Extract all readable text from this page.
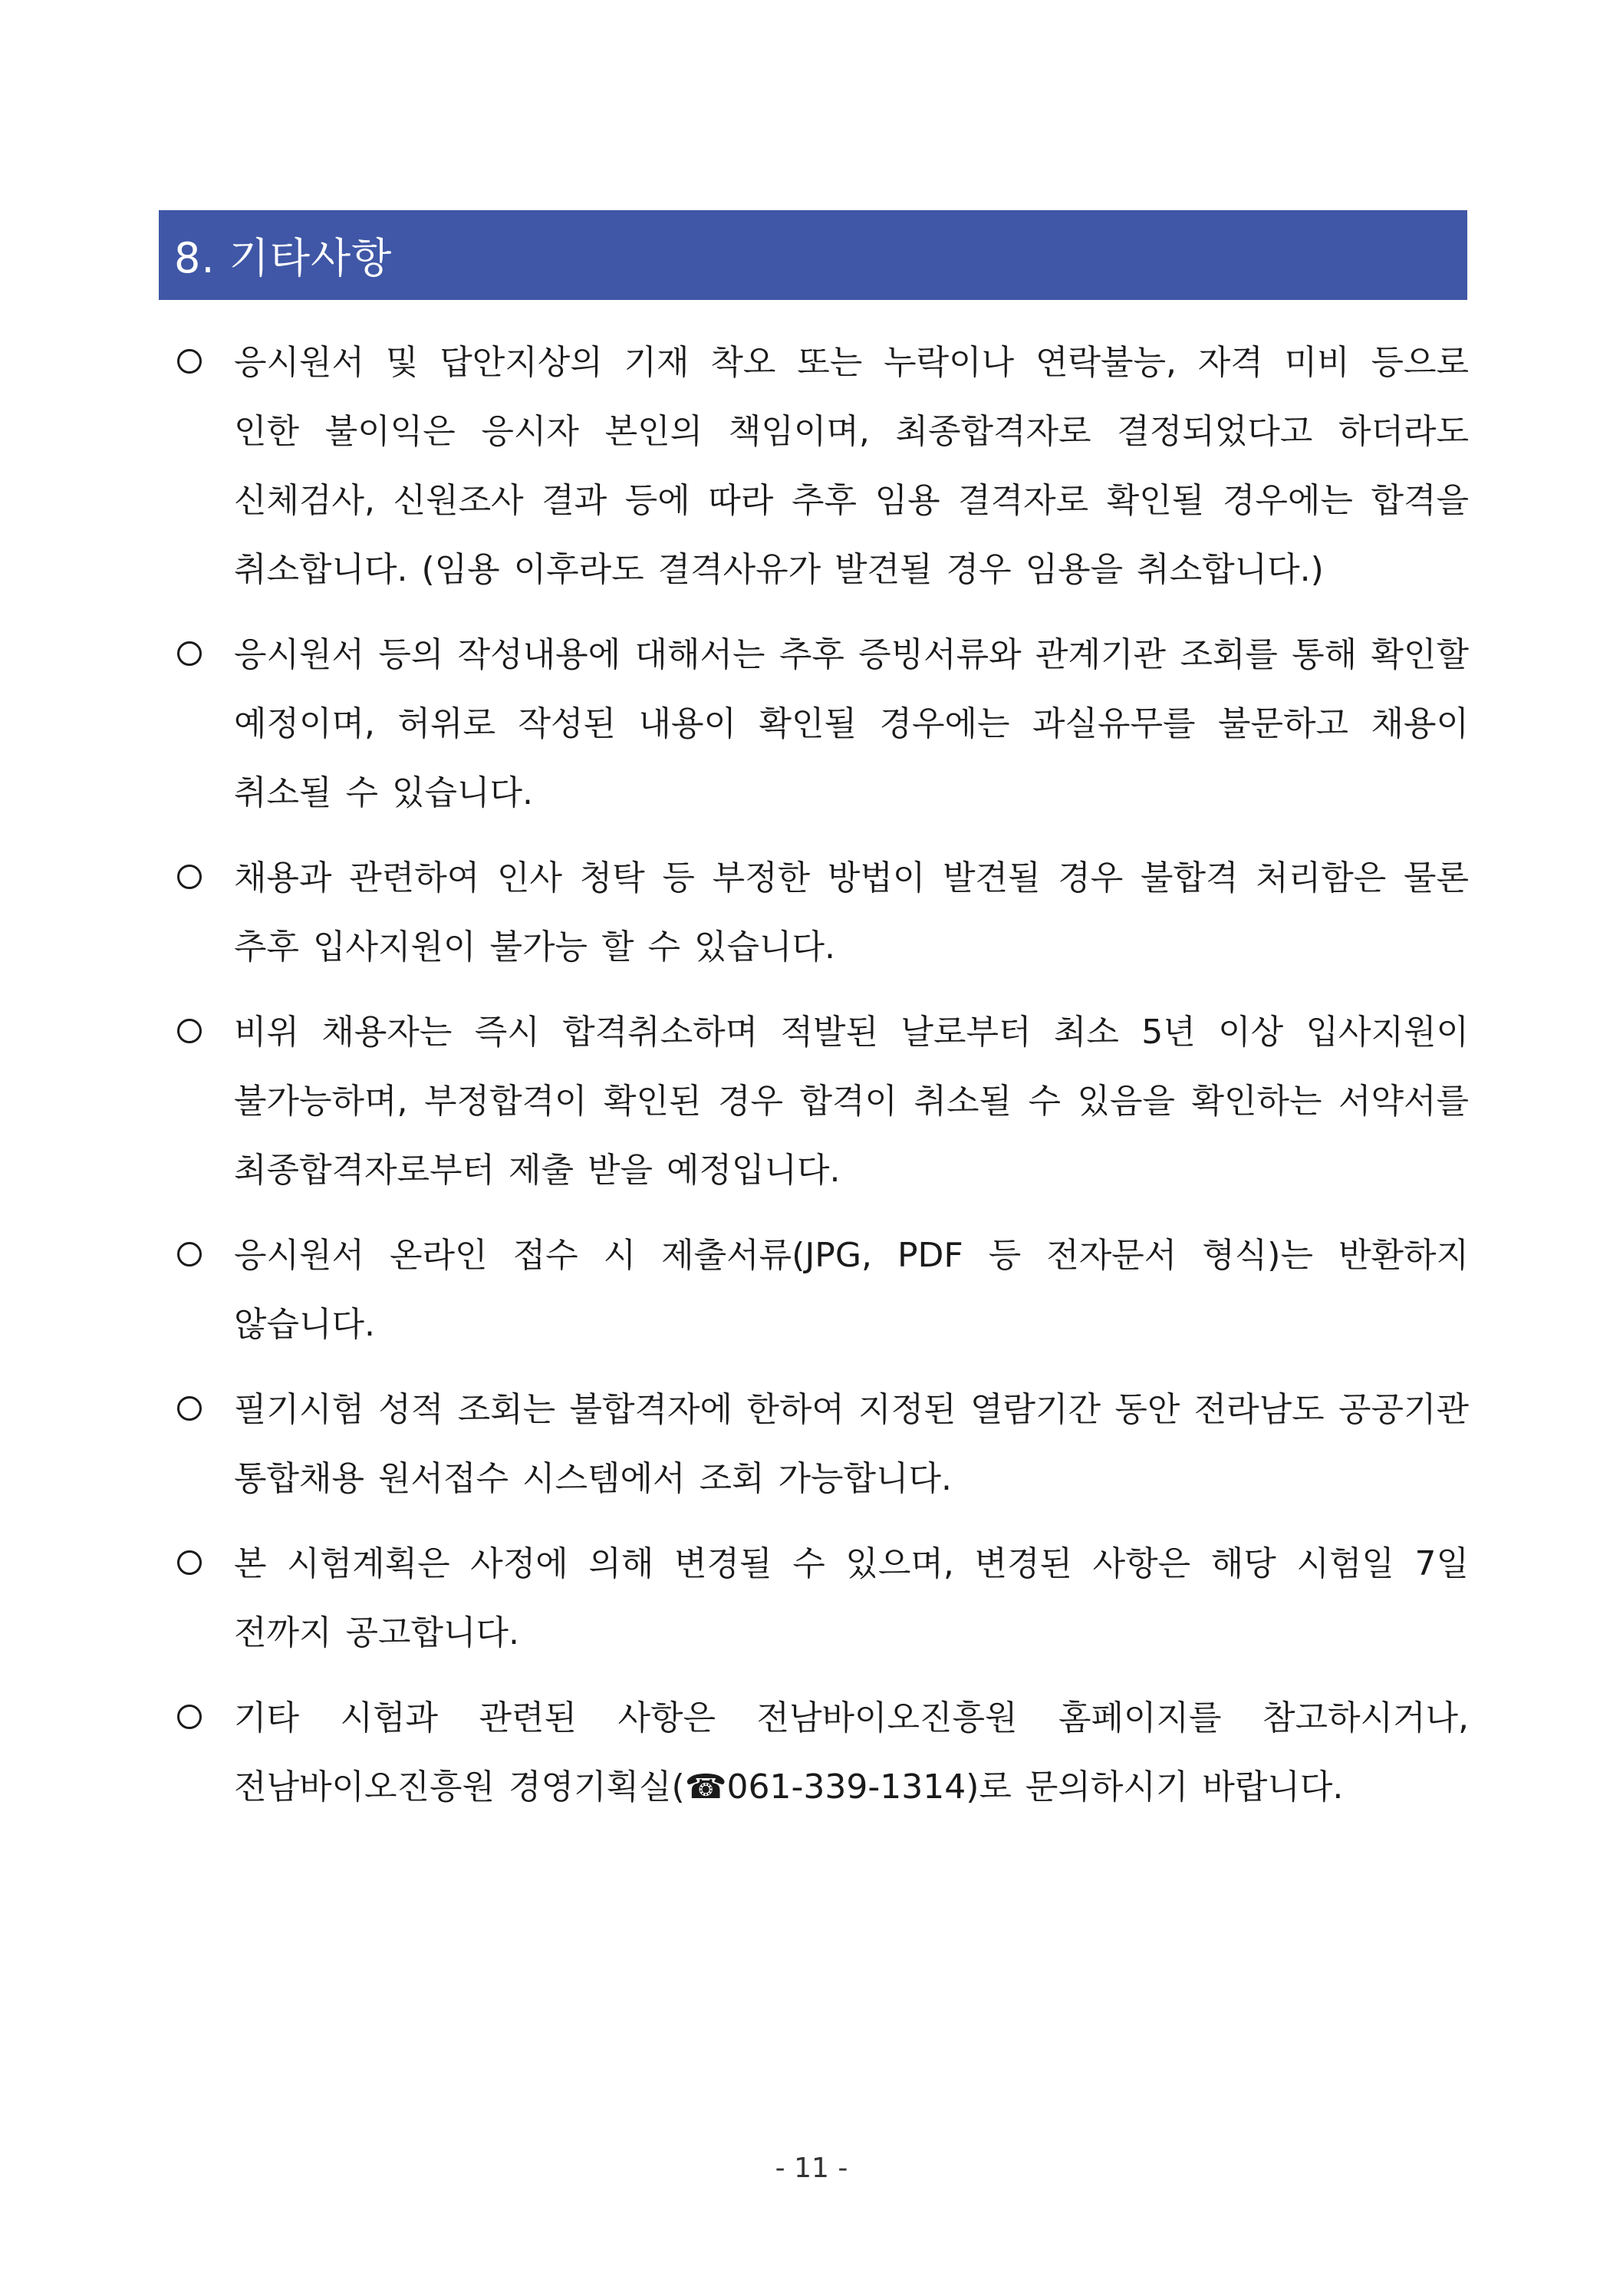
8. 기타사항
응시원서 및 답안지상의 기재 착오 또는 누락이나 연락불능, 자격 미비 등으로 인한 불이익은 응시자 본인의 책임이며, 최종합격자로 결정되었다고 하더라도 신체검사, 신원조사 결과 등에 따라 추후 임용 결격자로 확인될 경우에는 합격을 취소합니다. (임용 이후라도 결격사유가 발견될 경우 임용을 취소합니다.)
응시원서 등의 작성내용에 대해서는 추후 증빙서류와 관계기관 조회를 통해 확인할 예정이며, 허위로 작성된 내용이 확인될 경우에는 과실유무를 불문하고 채용이 취소될 수 있습니다.
채용과 관련하여 인사 청탁 등 부정한 방법이 발견될 경우 불합격 처리함은 물론 추후 입사지원이 불가능 할 수 있습니다.
비위 채용자는 즉시 합격취소하며 적발된 날로부터 최소 5년 이상 입사지원이 불가능하며, 부정합격이 확인된 경우 합격이 취소될 수 있음을 확인하는 서약서를 최종합격자로부터 제출 받을 예정입니다.
응시원서 온라인 접수 시 제출서류(JPG, PDF 등 전자문서 형식)는 반환하지 않습니다.
필기시험 성적 조회는 불합격자에 한하여 지정된 열람기간 동안 전라남도 공공기관 통합채용 원서접수 시스템에서 조회 가능합니다.
본 시험계획은 사정에 의해 변경될 수 있으며, 변경된 사항은 해당 시험일 7일 전까지 공고합니다.
기타 시험과 관련된 사항은 전남바이오진흥원 홈페이지를 참고하시거나, 전남바이오진흥원 경영기획실(☎061-339-1314)로 문의하시기 바랍니다.
- 11 -
